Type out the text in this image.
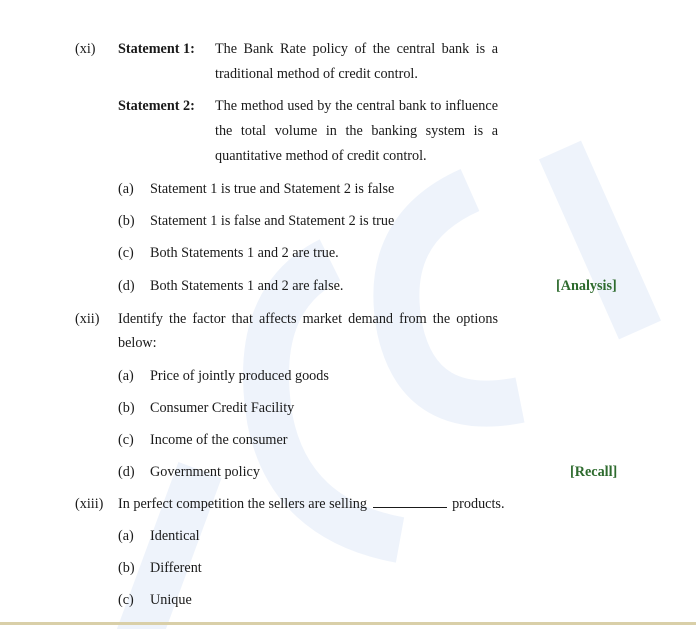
(xi) Statement 1: The Bank Rate policy of the central bank is a
traditional method of credit control.
Statement 2: The method used by the central bank to influence
the total volume in the banking system is a
quantitative method of credit control.
(a) Statement 1 is true and Statement 2 is false
(b) Statement 1 is false and Statement 2 is true
(c) Both Statements 1 and 2 are true.
(d) Both Statements 1 and 2 are false.	[Analysis]
(xii) Identify the factor that affects market demand from the options
below:
(a) Price of jointly produced goods
(b) Consumer Credit Facility
(c) Income of the consumer
(d) Government policy	[Recall]
(xiii) In perfect competition the sellers are selling	products.
(a) Identical
(b) Different
(c) Unique
